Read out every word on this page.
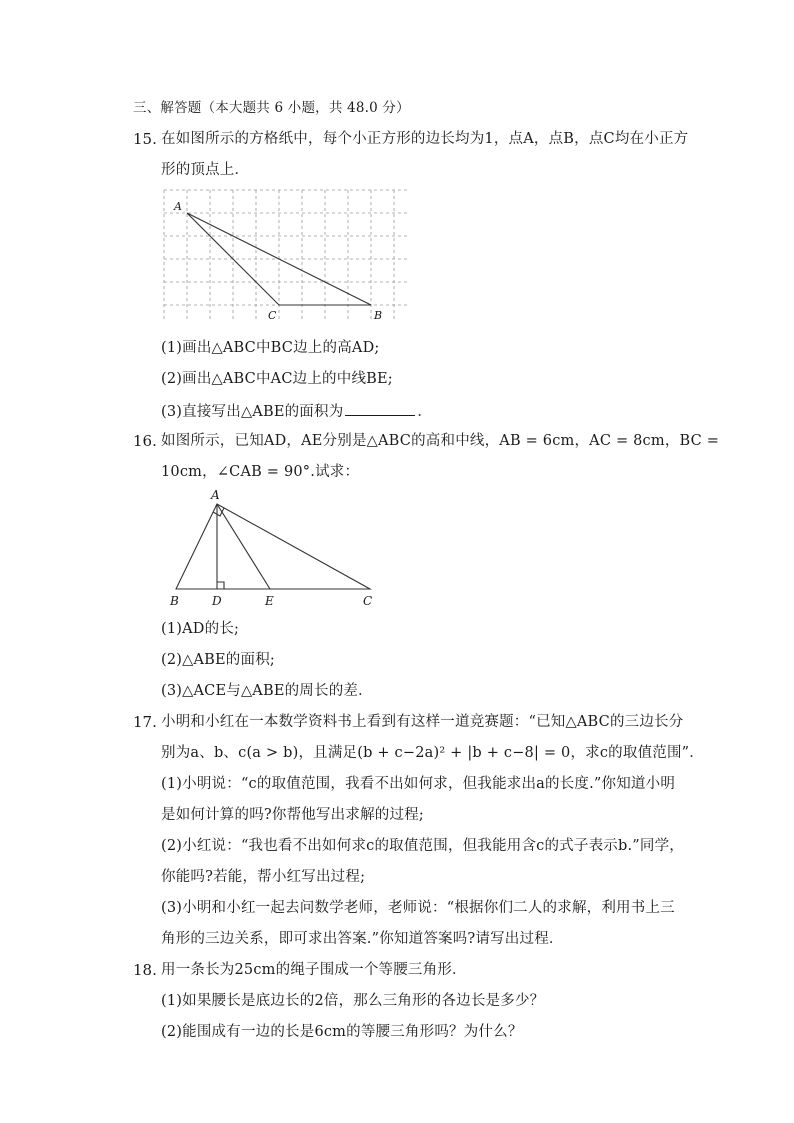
三、解答题（本大题共 6 小题，共 48.0 分）
15. 在如图所示的方格纸中，每个小正方形的边长均为1，点A，点B，点C均在小正方
形的顶点上．
A
C	B
(1)画出△ABC中BC边上的高AD;
(2)画出△ABC中AC边上的中线BE;
(3)直接写出△ABE的面积为	．
16. 如图所示，已知AD，AE分别是△ABC的高和中线，AB = 6cm，AC = 8cm，BC =
10cm，∠CAB = 90°.试求：
A
B	D	E	C
(1)AD的长;
(2)△ABE的面积;
(3)△ACE与△ABE的周长的差．
17. 小明和小红在一本数学资料书上看到有这样一道竞赛题：“已知△ABC的三边长分
别为a、b、c(a > b)，且满足(b + c−2a)² + |b + c−8| = 0，求c的取值范围”．
(1)小明说：“c的取值范围，我看不出如何求，但我能求出a的长度.”你知道小明
是如何计算的吗?你帮他写出求解的过程;
(2)小红说：“我也看不出如何求c的取值范围，但我能用含c的式子表示b.”同学，
你能吗?若能，帮小红写出过程;
(3)小明和小红一起去问数学老师，老师说：“根据你们二人的求解，利用书上三
角形的三边关系，即可求出答案.”你知道答案吗?请写出过程．
18. 用一条长为25cm的绳子围成一个等腰三角形．
(1)如果腰长是底边长的2倍，那么三角形的各边长是多少？
(2)能围成有一边的长是6cm的等腰三角形吗？为什么？
